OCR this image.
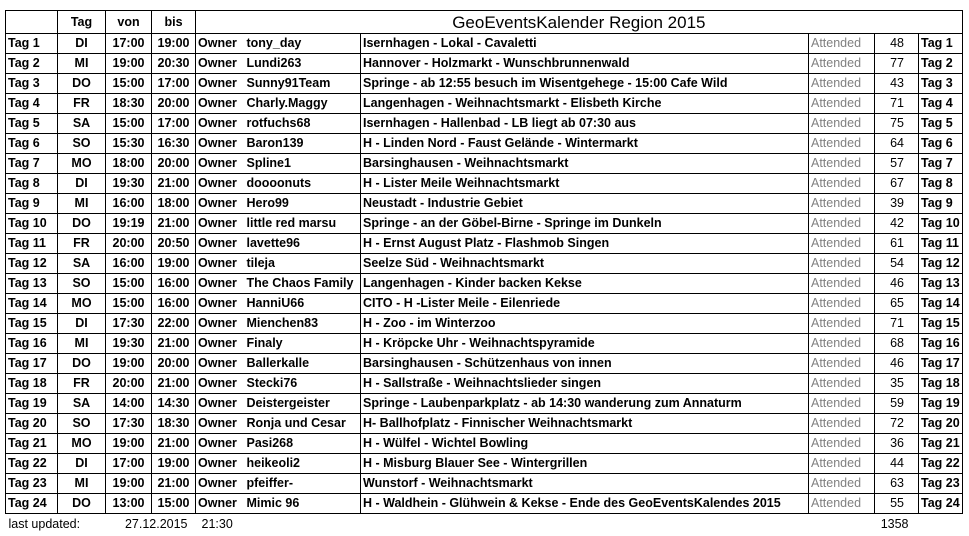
	Tag	von	bis	GeoEventsKalender Region 2015					
Tag 1	DI	17:00	19:00	Owner	tony_day	Isernhagen - Lokal - Cavaletti	Attended	48	Tag 1
Tag 2	MI	19:00	20:30	Owner	Lundi263	Hannover - Holzmarkt - Wunschbrunnenwald	Attended	77	Tag 2
Tag 3	DO	15:00	17:00	Owner	Sunny91Team	Springe - ab 12:55 besuch im Wisentgehege - 15:00 Cafe Wild	Attended	43	Tag 3
Tag 4	FR	18:30	20:00	Owner	Charly.Maggy	Langenhagen - Weihnachtsmarkt - Elisbeth Kirche	Attended	71	Tag 4
Tag 5	SA	15:00	17:00	Owner	rotfuchs68	Isernhagen - Hallenbad - LB liegt ab 07:30 aus	Attended	75	Tag 5
Tag 6	SO	15:30	16:30	Owner	Baron139	H - Linden Nord - Faust Gelände - Wintermarkt	Attended	64	Tag 6
Tag 7	MO	18:00	20:00	Owner	Spline1	Barsinghausen - Weihnachtsmarkt	Attended	57	Tag 7
Tag 8	DI	19:30	21:00	Owner	doooonuts	H - Lister Meile Weihnachtsmarkt	Attended	67	Tag 8
Tag 9	MI	16:00	18:00	Owner	Hero99	Neustadt - Industrie Gebiet	Attended	39	Tag 9
Tag 10	DO	19:19	21:00	Owner	little red marsu	Springe - an der Göbel-Birne - Springe im Dunkeln	Attended	42	Tag 10
Tag 11	FR	20:00	20:50	Owner	lavette96	H - Ernst August Platz - Flashmob Singen	Attended	61	Tag 11
Tag 12	SA	16:00	19:00	Owner	tileja	Seelze Süd - Weihnachtsmarkt	Attended	54	Tag 12
Tag 13	SO	15:00	16:00	Owner	The Chaos Family	Langenhagen - Kinder backen Kekse	Attended	46	Tag 13
Tag 14	MO	15:00	16:00	Owner	HanniU66	CITO - H -Lister Meile - Eilenriede	Attended	65	Tag 14
Tag 15	DI	17:30	22:00	Owner	Mienchen83	H - Zoo - im Winterzoo	Attended	71	Tag 15
Tag 16	MI	19:30	21:00	Owner	Finaly	H - Kröpcke Uhr - Weihnachtspyramide	Attended	68	Tag 16
Tag 17	DO	19:00	20:00	Owner	Ballerkalle	Barsinghausen - Schützenhaus von innen	Attended	46	Tag 17
Tag 18	FR	20:00	21:00	Owner	Stecki76	H - Sallstraße - Weihnachtslieder singen	Attended	35	Tag 18
Tag 19	SA	14:00	14:30	Owner	Deistergeister	Springe - Laubenparkplatz - ab 14:30 wanderung zum Annaturm	Attended	59	Tag 19
Tag 20	SO	17:30	18:30	Owner	Ronja und Cesar	H- Ballhofplatz - Finnischer Weihnachtsmarkt	Attended	72	Tag 20
Tag 21	MO	19:00	21:00	Owner	Pasi268	H - Wülfel - Wichtel Bowling	Attended	36	Tag 21
Tag 22	DI	17:00	19:00	Owner	heikeoli2	H - Misburg Blauer See - Wintergrillen	Attended	44	Tag 22
Tag 23	MI	19:00	21:00	Owner	pfeiffer-	Wunstorf - Weihnachtsmarkt	Attended	63	Tag 23
Tag 24	DO	13:00	15:00	Owner	Mimic 96	H - Waldhein - Glühwein & Kekse - Ende des GeoEventsKalendes 2015	Attended	55	Tag 24
last updated:		27.12.2015		21:30				1358	
